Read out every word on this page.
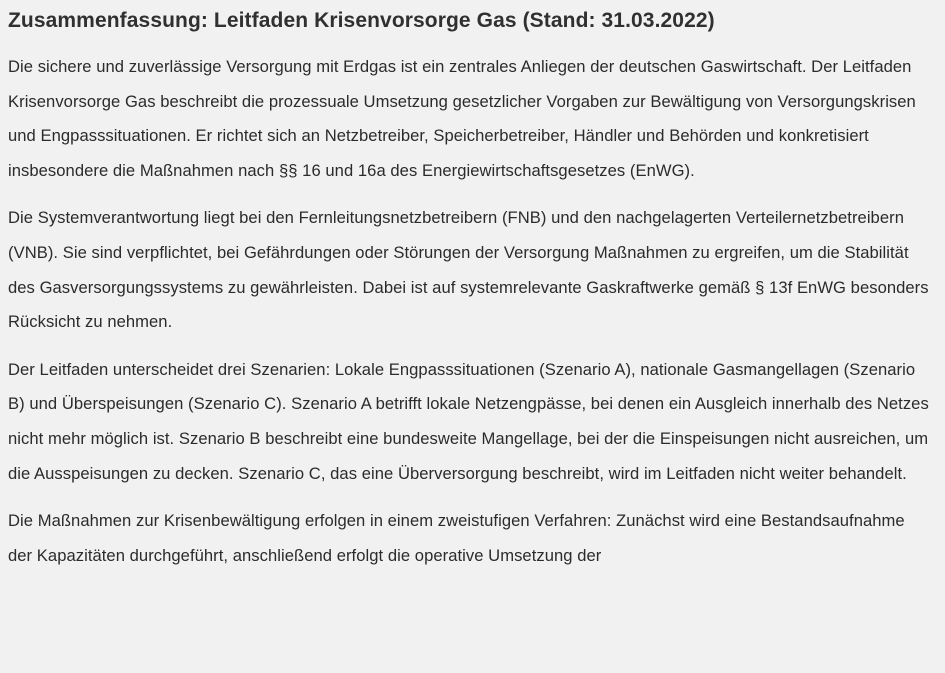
Zusammenfassung: Leitfaden Krisenvorsorge Gas (Stand: 31.03.2022)

Die sichere und zuverlässige Versorgung mit Erdgas ist ein zentrales Anliegen der deutschen Gaswirtschaft. Der Leitfaden Krisenvorsorge Gas beschreibt die prozessuale Umsetzung gesetzlicher Vorgaben zur Bewältigung von Versorgungskrisen und Engpasssituationen. Er richtet sich an Netzbetreiber, Speicherbetreiber, Händler und Behörden und konkretisiert insbesondere die Maßnahmen nach §§ 16 und 16a des Energiewirtschaftsgesetzes (EnWG).

Die Systemverantwortung liegt bei den Fernleitungsnetzbetreibern (FNB) und den nachgelagerten Verteilernetzbetreibern (VNB). Sie sind verpflichtet, bei Gefährdungen oder Störungen der Versorgung Maßnahmen zu ergreifen, um die Stabilität des Gasversorgungssystems zu gewährleisten. Dabei ist auf systemrelevante Gaskraftwerke gemäß § 13f EnWG besonders Rücksicht zu nehmen.

Der Leitfaden unterscheidet drei Szenarien: Lokale Engpasssituationen (Szenario A), nationale Gasmangellagen (Szenario B) und Überspeisungen (Szenario C). Szenario A betrifft lokale Netzengpässe, bei denen ein Ausgleich innerhalb des Netzes nicht mehr möglich ist. Szenario B beschreibt eine bundesweite Mangellage, bei der die Einspeisungen nicht ausreichen, um die Ausspeisungen zu decken. Szenario C, das eine Überversorgung beschreibt, wird im Leitfaden nicht weiter behandelt.

Die Maßnahmen zur Krisenbewältigung erfolgen in einem zweistufigen Verfahren: Zunächst wird eine Bestandsaufnahme der Kapazitäten durchgeführt, anschließend erfolgt die operative Umsetzung der
